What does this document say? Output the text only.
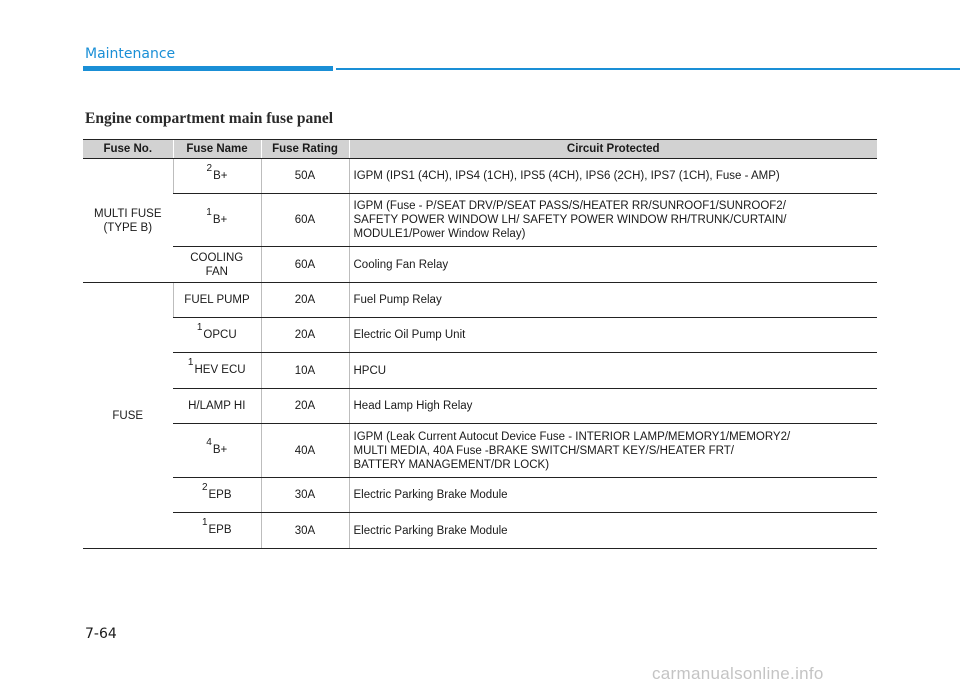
Maintenance
Engine compartment main fuse panel
Fuse No.	Fuse Name	Fuse Rating	Circuit Protected
MULTI FUSE (TYPE B)	2B+	50A	IGPM (IPS1 (4CH), IPS4 (1CH), IPS5 (4CH), IPS6 (2CH), IPS7 (1CH), Fuse - AMP)

	1B+	60A	IGPM (Fuse - P/SEAT DRV/P/SEAT PASS/S/HEATER RR/SUNROOF1/SUNROOF2/
SAFETY POWER WINDOW LH/ SAFETY POWER WINDOW RH/TRUNK/CURTAIN/
MODULE1/Power Window Relay)

	COOLING FAN	60A	Cooling Fan Relay

FUSE	FUEL PUMP	20A	Fuel Pump Relay

	1OPCU	20A	Electric Oil Pump Unit

	1HEV ECU	10A	HPCU

	H/LAMP HI	20A	Head Lamp High Relay

	4B+	40A	IGPM (Leak Current Autocut Device Fuse - INTERIOR LAMP/MEMORY1/MEMORY2/
MULTI MEDIA, 40A Fuse -BRAKE SWITCH/SMART KEY/S/HEATER FRT/
BATTERY MANAGEMENT/DR LOCK)

	2EPB	30A	Electric Parking Brake Module

	1EPB	30A	Electric Parking Brake Module
7-64
carmanualsonline.info
